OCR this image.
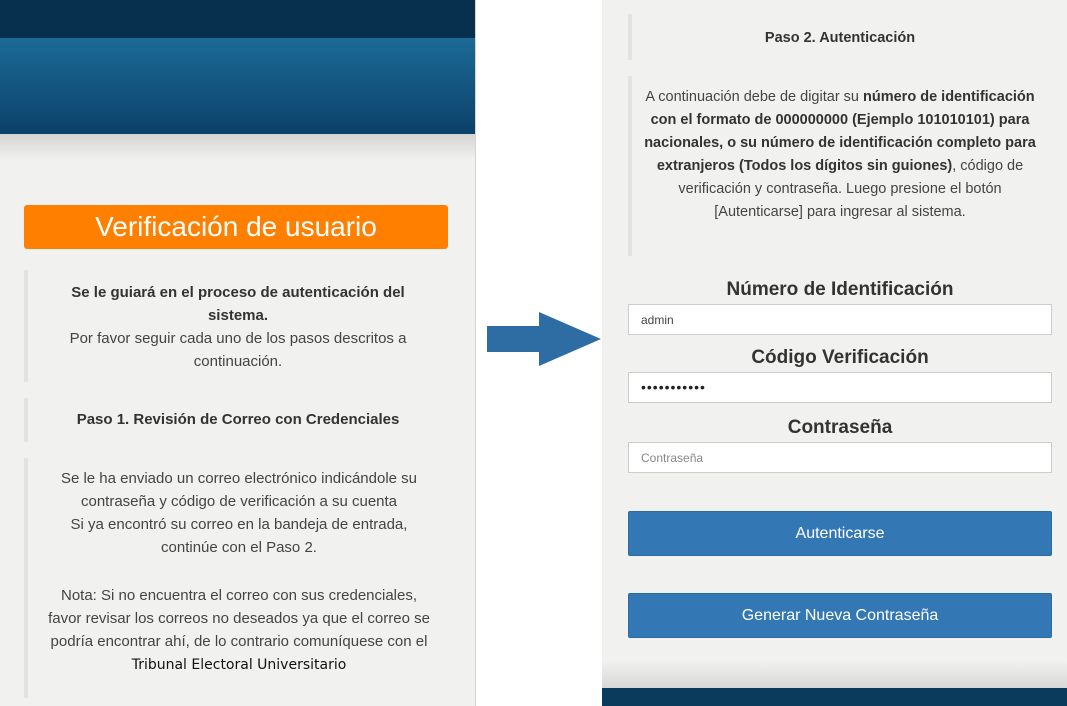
Verificación de usuario
Se le guiará en el proceso de autenticación del sistema.
Por favor seguir cada uno de los pasos descritos a continuación.
Paso 1. Revisión de Correo con Credenciales
Se le ha enviado un correo electrónico indicándole su contraseña y código de verificación a su cuenta
Si ya encontró su correo en la bandeja de entrada, continúe con el Paso 2.
Nota: Si no encuentra el correo con sus credenciales, favor revisar los correos no deseados ya que el correo se podría encontrar ahí, de lo contrario comuníquese con el Tribunal Electoral Universitario
Paso 2. Autenticación
A continuación debe de digitar su número de identificación con el formato de 000000000 (Ejemplo 101010101) para nacionales, o su número de identificación completo para extranjeros (Todos los dígitos sin guiones), código de verificación y contraseña. Luego presione el botón [Autenticarse] para ingresar al sistema.
Número de Identificación
admin
Código Verificación
•••••••••••
Contraseña
Contraseña
Autenticarse
Generar Nueva Contraseña
